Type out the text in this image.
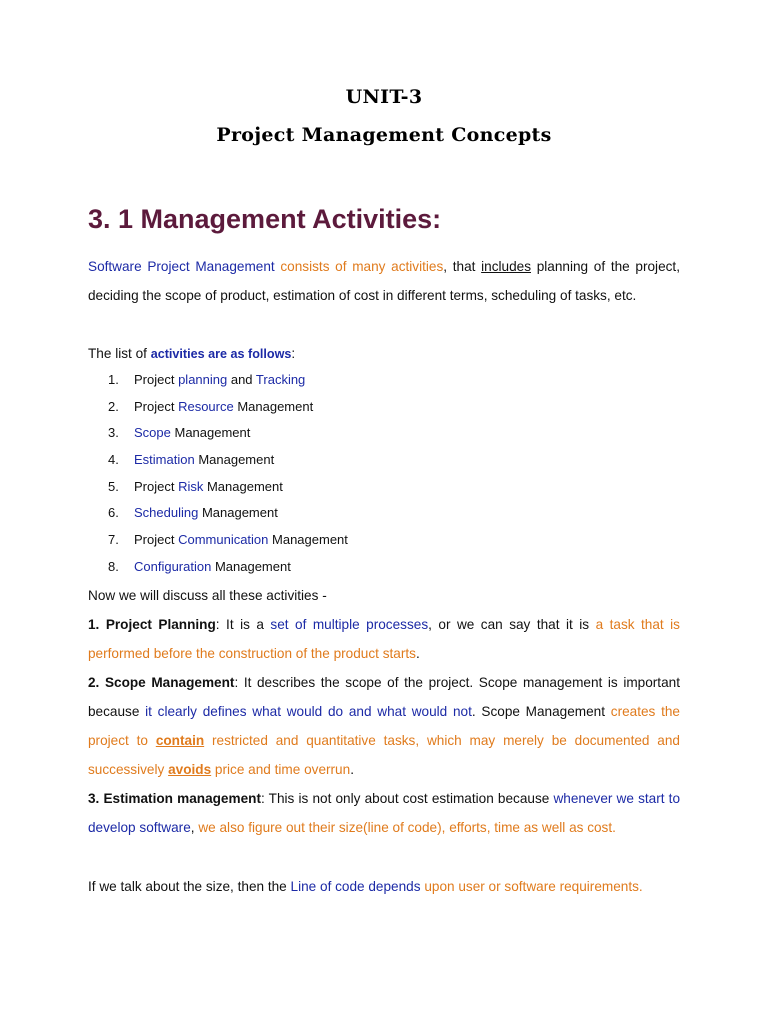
UNIT-3
Project Management Concepts
3. 1 Management Activities:

Software Project Management consists of many activities, that includes planning of the project, deciding the scope of product, estimation of cost in different terms, scheduling of tasks, etc.

The list of activities are as follows:

1. Project planning and Tracking
2. Project Resource Management
3. Scope Management
4. Estimation Management
5. Project Risk Management
6. Scheduling Management
7. Project Communication Management
8. Configuration Management

Now we will discuss all these activities -

1. Project Planning: It is a set of multiple processes, or we can say that it is a task that is performed before the construction of the product starts.

2. Scope Management: It describes the scope of the project. Scope management is important because it clearly defines what would do and what would not. Scope Management creates the project to contain restricted and quantitative tasks, which may merely be documented and successively avoids price and time overrun.

3. Estimation management: This is not only about cost estimation because whenever we start to develop software, we also figure out their size(line of code), efforts, time as well as cost.

If we talk about the size, then the Line of code depends upon user or software requirements.
